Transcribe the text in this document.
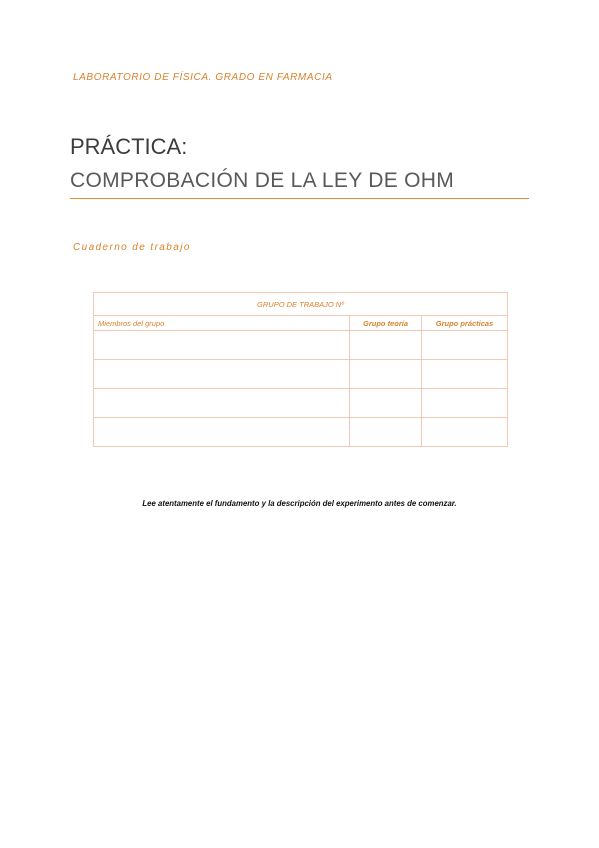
LABORATORIO DE FÍSICA. GRADO EN FARMACIA
PRÁCTICA:
COMPROBACIÓN DE LA LEY DE OHM
Cuaderno de trabajo
GRUPO DE TRABAJO Nº		
Miembros del grupo	Grupo teoría	Grupo prácticas

Lee atentamente el fundamento y la descripción del experimento antes de comenzar.
